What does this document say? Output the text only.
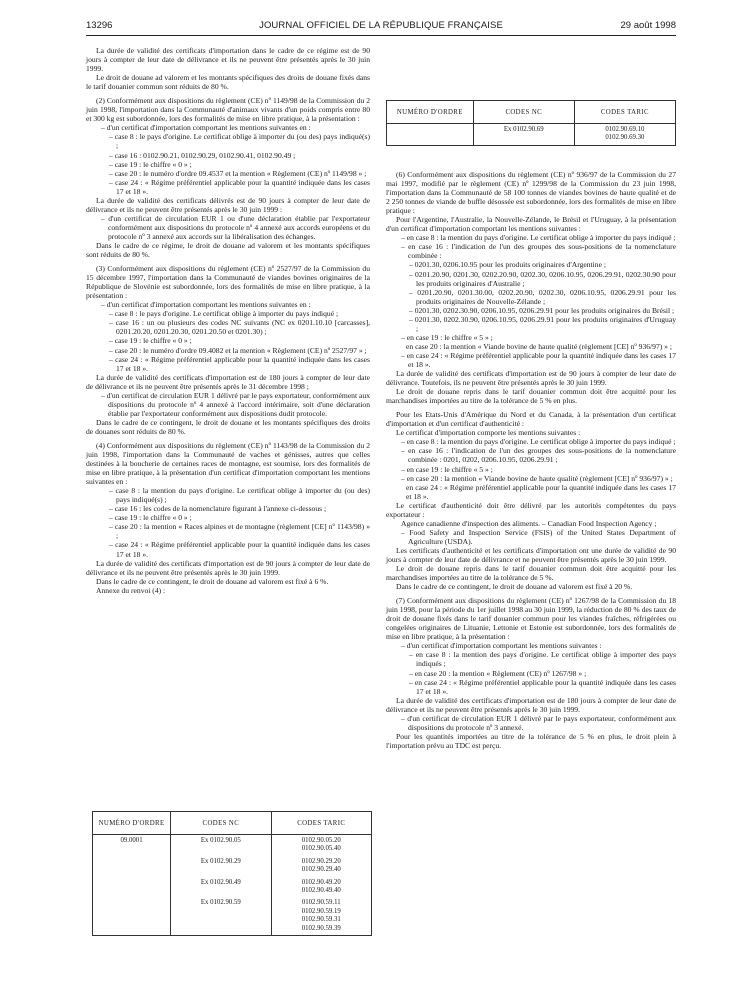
13296	JOURNAL OFFICIEL DE LA RÉPUBLIQUE FRANÇAISE	29 août 1998

La durée de validité des certificats d'importation dans le cadre de ce régime est de 90 jours à compter de leur date de délivrance et ils ne peuvent être présentés après le 30 juin 1999.

Le droit de douane ad valorem et les montants spécifiques des droits de douane fixés dans le tarif douanier commun sont réduits de 80 %.

(2) Conformément aux dispositions du règlement (CE) nº 1149/98 de la Commission du 2 juin 1998, l'importation dans la Communauté d'animaux vivants d'un poids compris entre 80 et 300 kg est subordonnée, lors des formalités de mise en libre pratique, à la présentation :

– d'un certificat d'importation comportant les mentions suivantes en :

– case 8 : le pays d'origine. Le certificat oblige à importer du (ou des) pays indiqué(s) ;

– case 16 : 0102.90.21, 0102.90.29, 0102.90.41, 0102.90.49 ;

– case 19 : le chiffre « 0 » ;

– case 20 : le numéro d'ordre 09.4537 et la mention « Règlement (CE) nº 1149/98 » ;

– case 24 : « Régime préférentiel applicable pour la quantité indiquée dans les cases 17 et 18 ».

La durée de validité des certificats délivrés est de 90 jours à compter de leur date de délivrance et ils ne peuvent être présentés après le 30 juin 1999 :

– d'un certificat de circulation EUR 1 ou d'une déclaration établie par l'exportateur conformément aux dispositions du protocole nº 4 annexé aux accords européens et du protocole nº 3 annexé aux accords sur la libéralisation des échanges.

Dans le cadre de ce régime, le droit de douane ad valorem et les montants spécifiques sont réduits de 80 %.

(3) Conformément aux dispositions du règlement (CE) nº 2527/97 de la Commission du 15 décembre 1997, l'importation dans la Communauté de viandes bovines originaires de la République de Slovénie est subordonnée, lors des formalités de mise en libre pratique, à la présentation :

– d'un certificat d'importation comportant les mentions suivantes en :

– case 8 : le pays d'origine. Le certificat oblige à importer du pays indiqué ;

– case 16 : un ou plusieurs des codes NC suivants (NC ex 0201.10.10 [carcasses], 0201.20.20, 0201.20.30, 0201.20.50 et 0201.30) ;

– case 19 : le chiffre « 0 » ;

– case 20 : le numéro d'ordre 09.4082 et la mention « Règlement (CE) nº 2527/97 » ;

– case 24 : « Régime préférentiel applicable pour la quantité indiquée dans les cases 17 et 18 ».

La durée de validité des certificats d'importation est de 180 jours à compter de leur date de délivrance et ils ne peuvent être présentés après le 31 décembre 1998 ;

– d'un certificat de circulation EUR 1 délivré par le pays exportateur, conformément aux dispositions du protocole nº 4 annexé à l'accord intérimaire, soit d'une déclaration établie par l'exportateur conformément aux dispositions dudit protocole.

Dans le cadre de ce contingent, le droit de douane et les montants spécifiques des droits de douanes sont réduits de 80 %.

(4) Conformément aux dispositions du règlement (CE) nº 1143/98 de la Commission du 2 juin 1998, l'importation dans la Communauté de vaches et génisses, autres que celles destinées à la boucherie de certaines races de montagne, est soumise, lors des formalités de mise en libre pratique, à la présentation d'un certificat d'importation comportant les mentions suivantes en :

– case 8 : la mention du pays d'origine. Le certificat oblige à importer du (ou des) pays indiqué(s) ;

– case 16 : les codes de la nomenclature figurant à l'annexe ci-dessous ;

– case 19 : le chiffre « 0 » ;

– case 20 : la mention « Races alpines et de montagne (règlement [CE] nº 1143/98) » ;

– case 24 : « Régime préférentiel applicable pour la quantité indiquée dans les cases 17 et 18 ».

La durée de validité des certificats d'importation est de 90 jours à compter de leur date de délivrance et ils ne peuvent être présentés après le 30 juin 1999.

Dans le cadre de ce contingent, le droit de douane ad valorem est fixé à 6 %.

Annexe du renvoi (4) :

NUMÉRO D'ORDRE	CODES NC	CODES TARIC
09.0001	Ex 0102.90.05	0102.90.05.20
0102.90.05.40

	Ex 0102.90.29	0102.90.29.20
0102.90.29.40

	Ex 0102.90.49	0102.90.49.20
0102.90.49.40

	Ex 0102.90.59	0102.90.59.11
0102.90.59.19
0102.90.59.31
0102.90.59.39
NUMÉRO D'ORDRE	CODES NC	CODES TARIC
	Ex 0102.90.69	0102.90.69.10
0102.90.69.30

(6) Conformément aux dispositions du règlement (CE) nº 936/97 de la Commission du 27 mai 1997, modifié par le règlement (CE) nº 1299/98 de la Commission du 23 juin 1998, l'importation dans la Communauté de 58 100 tonnes de viandes bovines de haute qualité et de 2 250 tonnes de viande de buffle désossée est subordonnée, lors des formalités de mise en libre pratique :

Pour l'Argentine, l'Australie, la Nouvelle-Zélande, le Brésil et l'Uruguay, à la présentation d'un certificat d'importation comportant les mentions suivantes :

– en case 8 : la mention du pays d'origine. Le certificat oblige à importer du pays indiqué ;

– en case 16 : l'indication de l'un des groupes des sous-positions de la nomenclature combinée :

– 0201.30, 0206.10.95 pour les produits originaires d'Argentine ;

– 0201.20.90, 0201.30, 0202.20.90, 0202.30, 0206.10.95, 0206.29.91, 0202.30.90 pour les produits originaires d'Australie ;

– 0201.20.90, 0201.30.00, 0202.20.90, 0202.30, 0206.10.95, 0206.29.91 pour les produits originaires de Nouvelle-Zélande ;

– 0201.30, 0202.30.90, 0206.10.95, 0206.29.91 pour les produits originaires du Brésil ;

– 0201.30, 0202.30.90, 0206.10.95, 0206.29.91 pour les produits originaires d'Uruguay ;

– en case 19 : le chiffre « 5 » ;

en case 20 : la mention « Viande bovine de haute qualité (règlement [CE] nº 936/97) » ;

– en case 24 : « Régime préférentiel applicable pour la quantité indiquée dans les cases 17 et 18 ».

La durée de validité des certificats d'importation est de 90 jours à compter de leur date de délivrance. Toutefois, ils ne peuvent être présentés après le 30 juin 1999.

Le droit de douane repris dans le tarif douanier commun doit être acquitté pour les marchandises importées au titre de la tolérance de 5 % en plus.

Pour les Etats-Unis d'Amérique du Nord et du Canada, à la présentation d'un certificat d'importation et d'un certificat d'authenticité :

Le certificat d'importation comporte les mentions suivantes :

– en case 8 : la mention du pays d'origine. Le certificat oblige à importer du pays indiqué ;

– en case 16 : l'indication de l'un des groupes des sous-positions de la nomenclature combinée : 0201, 0202, 0206.10.95, 0206.29.91 ;

– en case 19 : le chiffre « 5 » ;

– en case 20 : la mention « Viande bovine de haute qualité (règlement [CE] nº 936/97) » ;

en case 24 : « Régime préférentiel applicable pour la quantité indiquée dans les cases 17 et 18 ».

Le certificat d'authenticité doit être délivré par les autorités compétentes du pays exportateur :

Agence canadienne d'inspection des aliments. – Canadian Food Inspection Agency ;

– Food Safety and Inspection Service (FSIS) of the United States Department of Agriculture (USDA).

Les certificats d'authenticité et les certificats d'importation ont une durée de validité de 90 jours à compter de leur date de délivrance et ne peuvent être présentés après le 30 juin 1999.

Le droit de douane repris dans le tarif douanier commun doit être acquitté pour les marchandises importées au titre de la tolérance de 5 %.

Dans le cadre de ce contingent, le droit de douane ad valorem est fixé à 20 %.

(7) Conformément aux dispositions du règlement (CE) nº 1267/98 de la Commission du 18 juin 1998, pour la période du 1er juillet 1998 au 30 juin 1999, la réduction de 80 % des taux de droit de douane fixés dans le tarif douanier commun pour les viandes fraîches, réfrigérées ou congelées originaires de Lituanie, Lettonie et Estonie est subordonnée, lors des formalités de mise en libre pratique, à la présentation :

– d'un certificat d'importation comportant les mentions suivantes :

– en case 8 : la mention des pays d'origine. Le certificat oblige à importer des pays indiqués ;

– en case 20 : la mention « Règlement (CE) nº 1267/98 » ;

– en case 24 : « Régime préférentiel applicable pour la quantité indiquée dans les cases 17 et 18 ».

La durée de validité des certificats d'importation est de 180 jours à compter de leur date de délivrance et ils ne peuvent être présentés après le 30 juin 1999.

– d'un certificat de circulation EUR 1 délivré par le pays exportateur, conformément aux dispositions du protocole nº 3 annexé.

Pour les quantités importées au titre de la tolérance de 5 % en plus, le droit plein à l'importation prévu au TDC est perçu.
